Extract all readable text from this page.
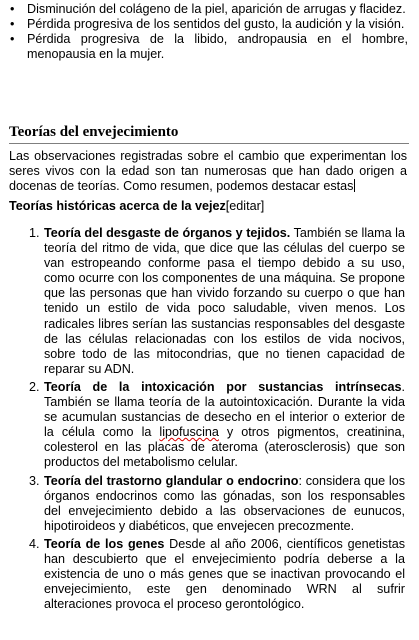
• Disminución del colágeno de la piel, aparición de arrugas y flacidez.
• Pérdida progresiva de los sentidos del gusto, la audición y la visión.
• Pérdida progresiva de la libido, andropausia en el hombre, menopausia en la mujer.
Teorías del envejecimiento
Las observaciones registradas sobre el cambio que experimentan los seres vivos con la edad son tan numerosas que han dado origen a docenas de teorías. Como resumen, podemos destacar estas
Teorías históricas acerca de la vejez[editar]
1. Teoría del desgaste de órganos y tejidos. También se llama la teoría del ritmo de vida, que dice que las células del cuerpo se van estropeando conforme pasa el tiempo debido a su uso, como ocurre con los componentes de una máquina. Se propone que las personas que han vivido forzando su cuerpo o que han tenido un estilo de vida poco saludable, viven menos. Los radicales libres serían las sustancias responsables del desgaste de las células relacionadas con los estilos de vida nocivos, sobre todo de las mitocondrias, que no tienen capacidad de reparar su ADN.
2. Teoría de la intoxicación por sustancias intrínsecas. También se llama teoría de la autointoxicación. Durante la vida se acumulan sustancias de desecho en el interior o exterior de la célula como la lipofuscina y otros pigmentos, creatinina, colesterol en las placas de ateroma (aterosclerosis) que son productos del metabolismo celular.
3. Teoría del trastorno glandular o endocrino: considera que los órganos endocrinos como las gónadas, son los responsables del envejecimiento debido a las observaciones de eunucos, hipotiroideos y diabéticos, que envejecen precozmente.
4. Teoría de los genes Desde al año 2006, científicos genetistas han descubierto que el envejecimiento podría deberse a la existencia de uno o más genes que se inactivan provocando el envejecimiento, este gen denominado WRN al sufrir alteraciones provoca el proceso gerontológico.
